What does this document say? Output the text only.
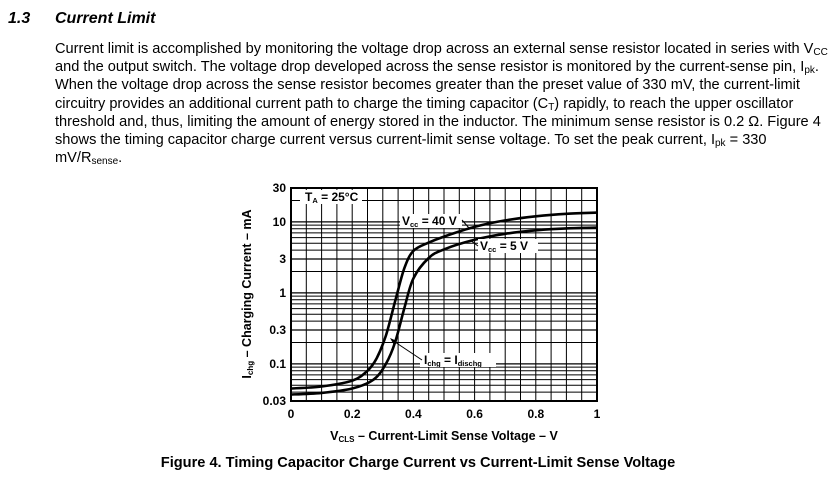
1.3 Current Limit
Current limit is accomplished by monitoring the voltage drop across an external sense resistor located in series with $V_{CC}$ and the output switch. The voltage drop developed across the sense resistor is monitored by the current-sense pin, $I_{pk}$. When the voltage drop across the sense resistor becomes greater than the preset value of 330 mV, the current-limit circuitry provides an additional current path to charge the timing capacitor $(C_T)$ rapidly, to reach the upper oscillator threshold and, thus, limiting the amount of energy stored in the inductor. The minimum sense resistor is 0.2 Ω. Figure 4 shows the timing capacitor charge current versus current-limit sense voltage. To set the peak current, $I_{pk} = 330$ $mV/R_{sense}$.
0	0.2	0.4	0.6	0.8	1
30
10
3
1
0.3
0.1
0.03
TA = 25°C
Vcc = 40 V
Vcc = 5 V
Ichg = Idischg
VCLS – Current-Limit Sense Voltage – V
Ichg – Charging Current – mA
Figure 4. Timing Capacitor Charge Current vs Current-Limit Sense Voltage
